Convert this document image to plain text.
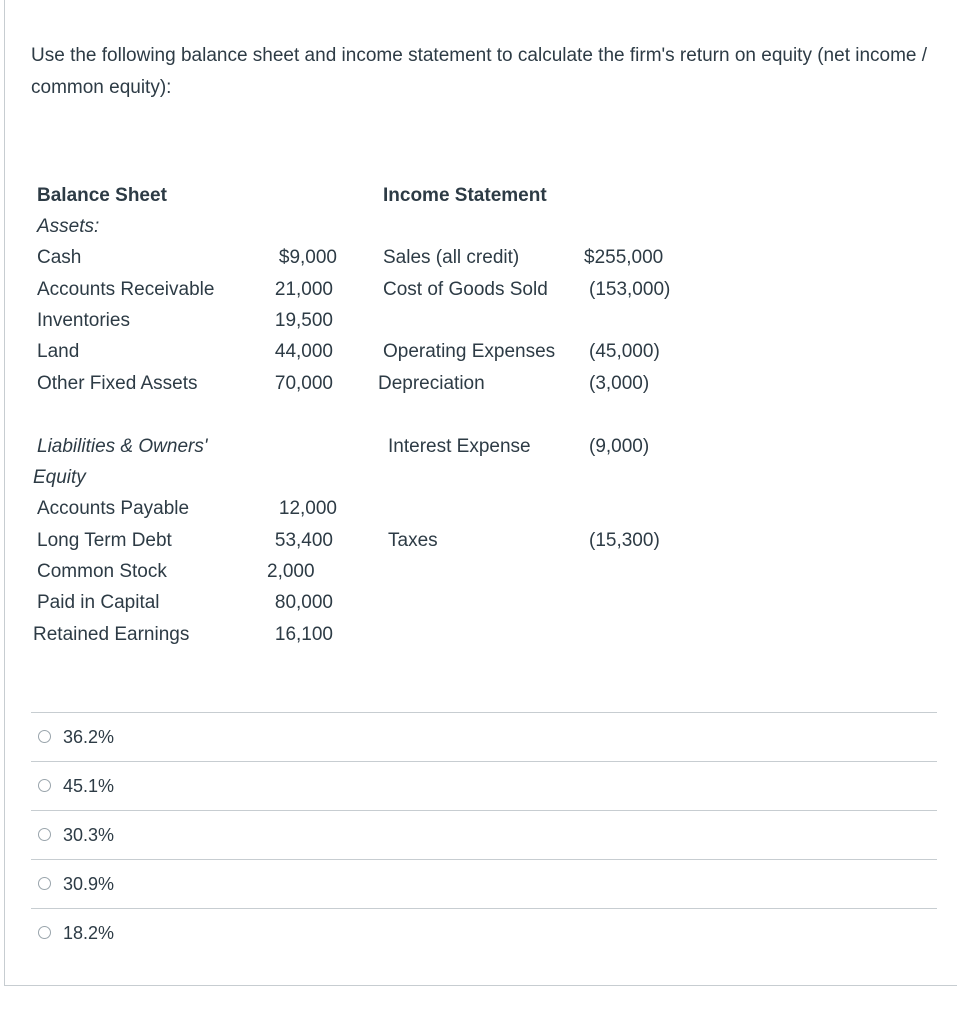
Use the following balance sheet and income statement to calculate the firm's return on equity (net income / common equity):
Balance Sheet
Assets:
Cash	$9,000
Accounts Receivable	21,000
Inventories	19,500
Land	44,000
Other Fixed Assets	70,000
Liabilities & Owners'
Equity
Accounts Payable	12,000
Long Term Debt	53,400
Common Stock	2,000
Paid in Capital	80,000
Retained Earnings	16,100
Income Statement
Sales (all credit)	$255,000
Cost of Goods Sold (153,000)
Operating Expenses (45,000)
Depreciation	(3,000)
Interest Expense	(9,000)
Taxes	(15,300)
36.2%
45.1%
30.3%
30.9%
18.2%
